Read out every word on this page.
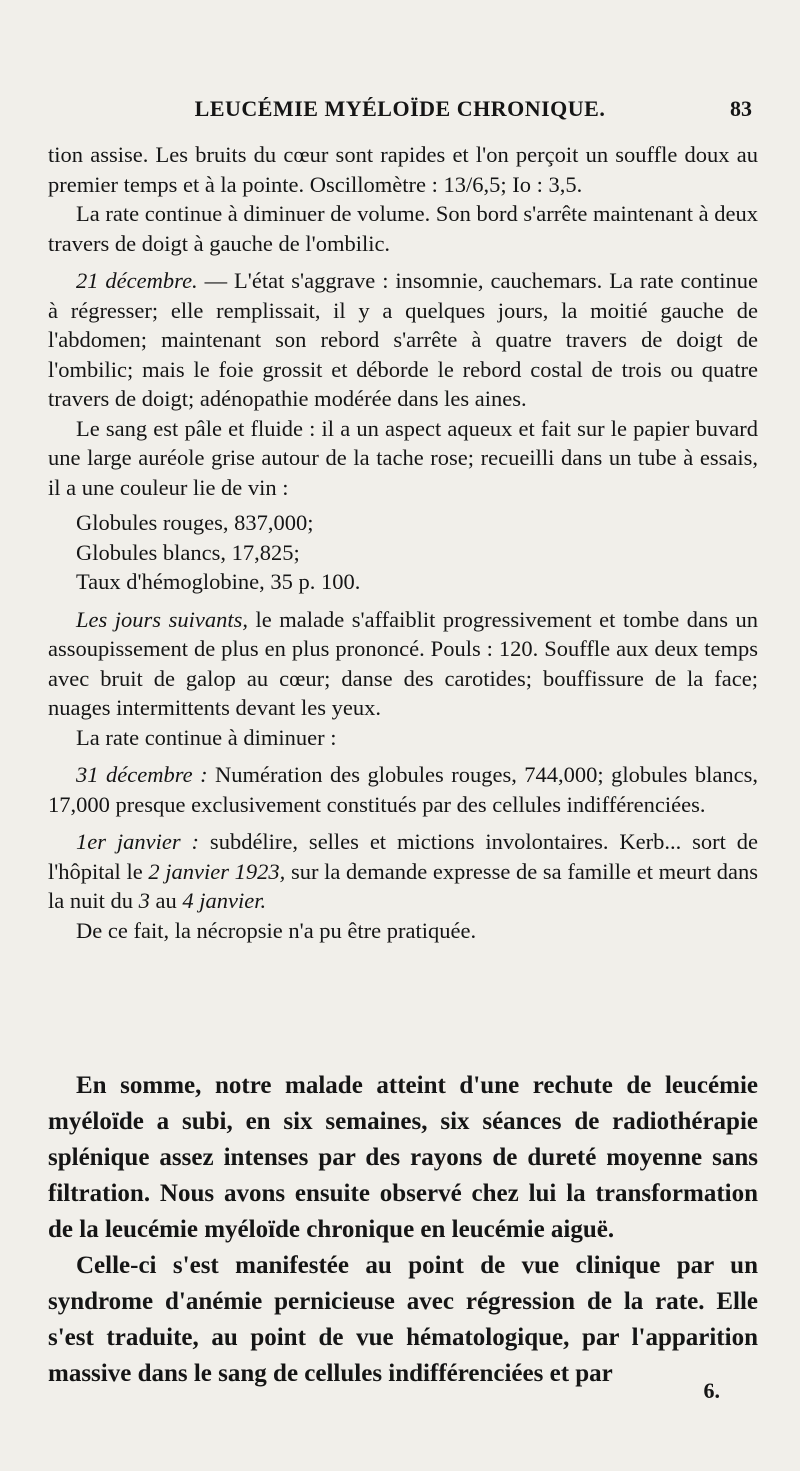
LEUCÉMIE MYÉLOÏDE CHRONIQUE.	83

tion assise. Les bruits du cœur sont rapides et l'on perçoit un souffle doux au premier temps et à la pointe. Oscillomètre : 13/6,5; Io : 3,5.

La rate continue à diminuer de volume. Son bord s'arrête maintenant à deux travers de doigt à gauche de l'ombilic.

21 décembre. — L'état s'aggrave : insomnie, cauchemars. La rate continue à régresser; elle remplissait, il y a quelques jours, la moitié gauche de l'abdomen; maintenant son rebord s'arrête à quatre travers de doigt de l'ombilic; mais le foie grossit et déborde le rebord costal de trois ou quatre travers de doigt; adénopathie modérée dans les aines.

Le sang est pâle et fluide : il a un aspect aqueux et fait sur le papier buvard une large auréole grise autour de la tache rose; recueilli dans un tube à essais, il a une couleur lie de vin :

Globules rouges, 837,000;
Globules blancs, 17,825;
Taux d'hémoglobine, 35 p. 100.

Les jours suivants, le malade s'affaiblit progressivement et tombe dans un assoupissement de plus en plus prononcé. Pouls : 120. Souffle aux deux temps avec bruit de galop au cœur; danse des carotides; bouffissure de la face; nuages intermittents devant les yeux.

La rate continue à diminuer :

31 décembre : Numération des globules rouges, 744,000; globules blancs, 17,000 presque exclusivement constitués par des cellules indifférenciées.

1er janvier : subdélire, selles et mictions involontaires. Kerb... sort de l'hôpital le 2 janvier 1923, sur la demande expresse de sa famille et meurt dans la nuit du 3 au 4 janvier.

De ce fait, la nécropsie n'a pu être pratiquée.

En somme, notre malade atteint d'une rechute de leucémie myéloïde a subi, en six semaines, six séances de radiothérapie splénique assez intenses par des rayons de dureté moyenne sans filtration. Nous avons ensuite observé chez lui la transformation de la leucémie myéloïde chronique en leucémie aiguë.

Celle-ci s'est manifestée au point de vue clinique par un syndrome d'anémie pernicieuse avec régression de la rate. Elle s'est traduite, au point de vue hématologique, par l'apparition massive dans le sang de cellules indifférenciées et par

6.
